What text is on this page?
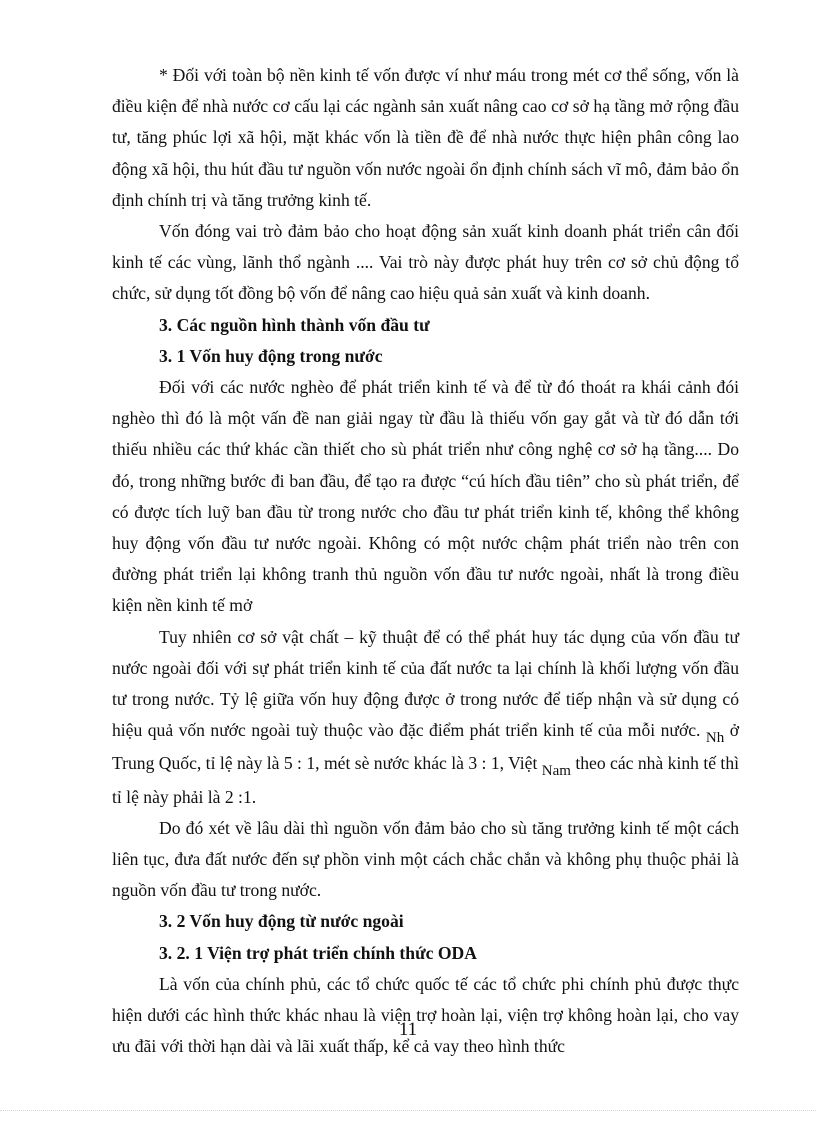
* Đối với toàn bộ nền kinh tế vốn được ví như máu trong mét cơ thể sống, vốn là điều kiện để nhà nước cơ cấu lại các ngành sản xuất nâng cao cơ sở hạ tầng mở rộng đầu tư, tăng phúc lợi xã hội, mặt khác vốn là tiền đề để nhà nước thực hiện phân công lao động xã hội, thu hút đầu tư nguồn vốn nước ngoài ổn định chính sách vĩ mô, đảm bảo ổn định chính trị và tăng trưởng kinh tế.

Vốn đóng vai trò đảm bảo cho hoạt động sản xuất kinh doanh phát triển cân đối kinh tế các vùng, lãnh thổ ngành .... Vai trò này được phát huy trên cơ sở chủ động tổ chức, sử dụng tốt đồng bộ vốn để nâng cao hiệu quả sản xuất và kinh doanh.

3. Các nguồn hình thành vốn đầu tư

3. 1 Vốn huy động trong nước

Đối với các nước nghèo để phát triển kinh tế và để từ đó thoát ra khái cảnh đói nghèo thì đó là một vấn đề nan giải ngay từ đầu là thiếu vốn gay gắt và từ đó dẫn tới thiếu nhiều các thứ khác cần thiết cho sù phát triển như công nghệ cơ sở hạ tầng.... Do đó, trong những bước đi ban đầu, để tạo ra được “cú hích đầu tiên” cho sù phát triển, để có được tích luỹ ban đầu từ trong nước cho đầu tư phát triển kinh tế, không thể không huy động vốn đầu tư nước ngoài. Không có một nước chậm phát triển nào trên con đường phát triển lại không tranh thủ nguồn vốn đầu tư nước ngoài, nhất là trong điều kiện nền kinh tế mở

Tuy nhiên cơ sở vật chất – kỹ thuật để có thể phát huy tác dụng của vốn đầu tư nước ngoài đối với sự phát triển kinh tế của đất nước ta lại chính là khối lượng vốn đầu tư trong nước. Tỷ lệ giữa vốn huy động được ở trong nước để tiếp nhận và sử dụng có hiệu quả vốn nước ngoài tuỳ thuộc vào đặc điểm phát triển kinh tế của mỗi nước. Nh ở Trung Quốc, tỉ lệ này là 5 : 1, mét sè nước khác là 3 : 1, Việt Nam theo các nhà kinh tế thì tỉ lệ này phải là 2 :1.

Do đó xét về lâu dài thì nguồn vốn đảm bảo cho sù tăng trưởng kinh tế một cách liên tục, đưa đất nước đến sự phồn vinh một cách chắc chắn và không phụ thuộc phải là nguồn vốn đầu tư trong nước.

3. 2 Vốn huy động từ nước ngoài

3. 2. 1 Viện trợ phát triển chính thức ODA

Là vốn của chính phủ, các tổ chức quốc tế các tổ chức phi chính phủ được thực hiện dưới các hình thức khác nhau là viện trợ hoàn lại, viện trợ không hoàn lại, cho vay ưu đãi với thời hạn dài và lãi xuất thấp, kể cả vay theo hình thức

11
